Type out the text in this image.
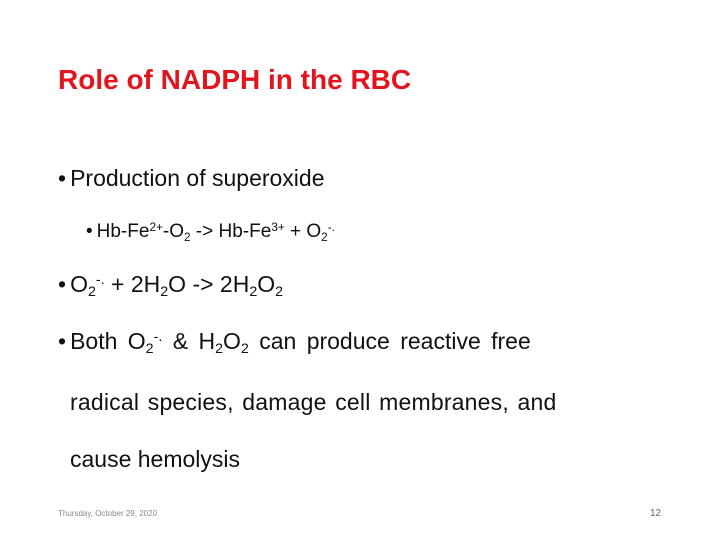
Role of NADPH in the RBC
• Production of superoxide
• $Hb-Fe^{2+}-O_2 -> Hb-Fe^{3+} + O_2^{-.}$
• $O_2^{-.} + 2H_2O -> 2H_2O_2$
• Both $O_2^{-.}$ & $H_2O_2$ can produce reactive free
radical species, damage cell membranes, and
cause hemolysis
Thursday, October 29, 2020	12
